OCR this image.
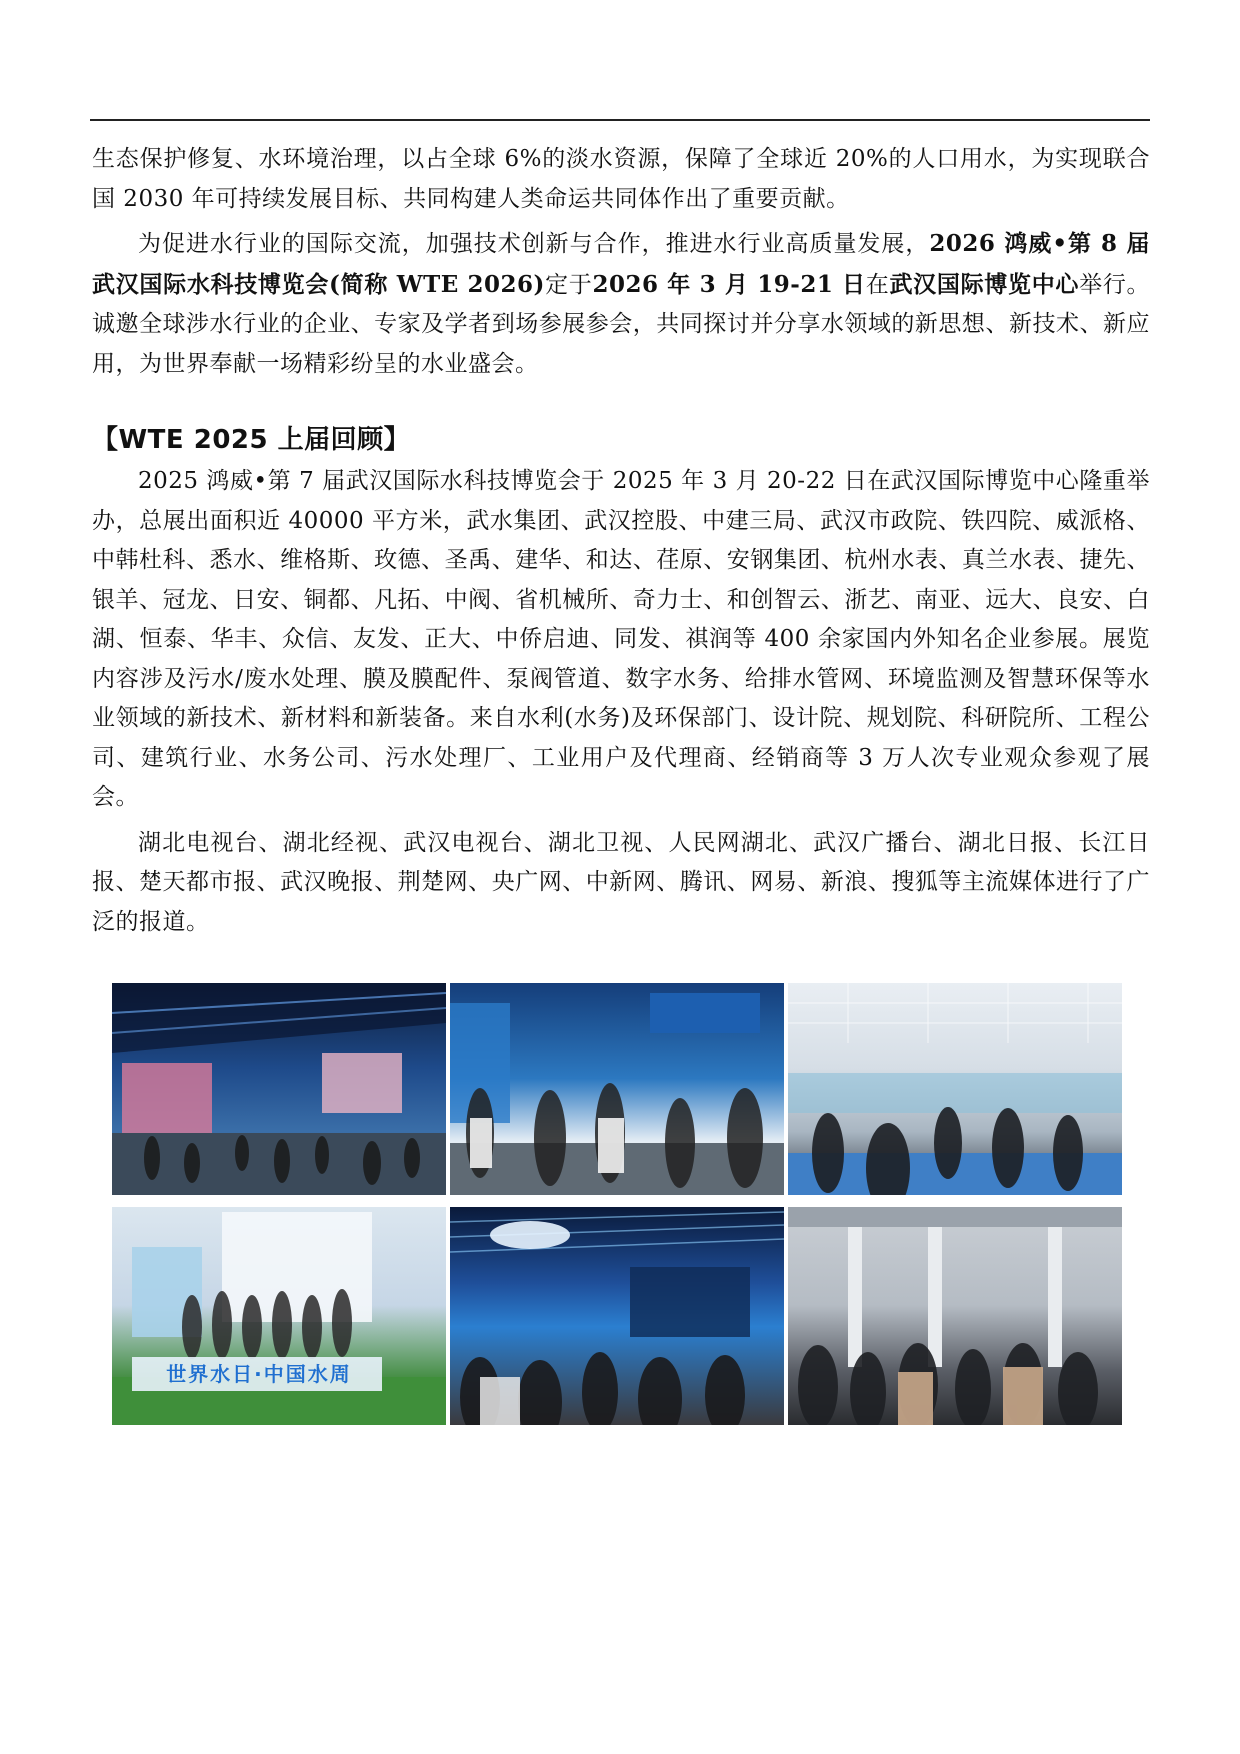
生态保护修复、水环境治理，以占全球 6%的淡水资源，保障了全球近 20%的人口用水，为实现联合国 2030 年可持续发展目标、共同构建人类命运共同体作出了重要贡献。

为促进水行业的国际交流，加强技术创新与合作，推进水行业高质量发展，2026 鸿威•第 8 届武汉国际水科技博览会(简称 WTE 2026)定于2026 年 3 月 19-21 日在武汉国际博览中心举行。诚邀全球涉水行业的企业、专家及学者到场参展参会，共同探讨并分享水领域的新思想、新技术、新应用，为世界奉献一场精彩纷呈的水业盛会。

【WTE 2025 上届回顾】

2025 鸿威•第 7 届武汉国际水科技博览会于 2025 年 3 月 20-22 日在武汉国际博览中心隆重举办，总展出面积近 40000 平方米，武水集团、武汉控股、中建三局、武汉市政院、铁四院、威派格、中韩杜科、悉水、维格斯、玫德、圣禹、建华、和达、荏原、安钢集团、杭州水表、真兰水表、捷先、银羊、冠龙、日安、铜都、凡拓、中阀、省机械所、奇力士、和创智云、浙艺、南亚、远大、良安、白湖、恒泰、华丰、众信、友发、正大、中侨启迪、同发、祺润等 400 余家国内外知名企业参展。展览内容涉及污水/废水处理、膜及膜配件、泵阀管道、数字水务、给排水管网、环境监测及智慧环保等水业领域的新技术、新材料和新装备。来自水利(水务)及环保部门、设计院、规划院、科研院所、工程公司、建筑行业、水务公司、污水处理厂、工业用户及代理商、经销商等 3 万人次专业观众参观了展会。

湖北电视台、湖北经视、武汉电视台、湖北卫视、人民网湖北、武汉广播台、湖北日报、长江日报、楚天都市报、武汉晚报、荆楚网、央广网、中新网、腾讯、网易、新浪、搜狐等主流媒体进行了广泛的报道。

世界水日·中国水周
